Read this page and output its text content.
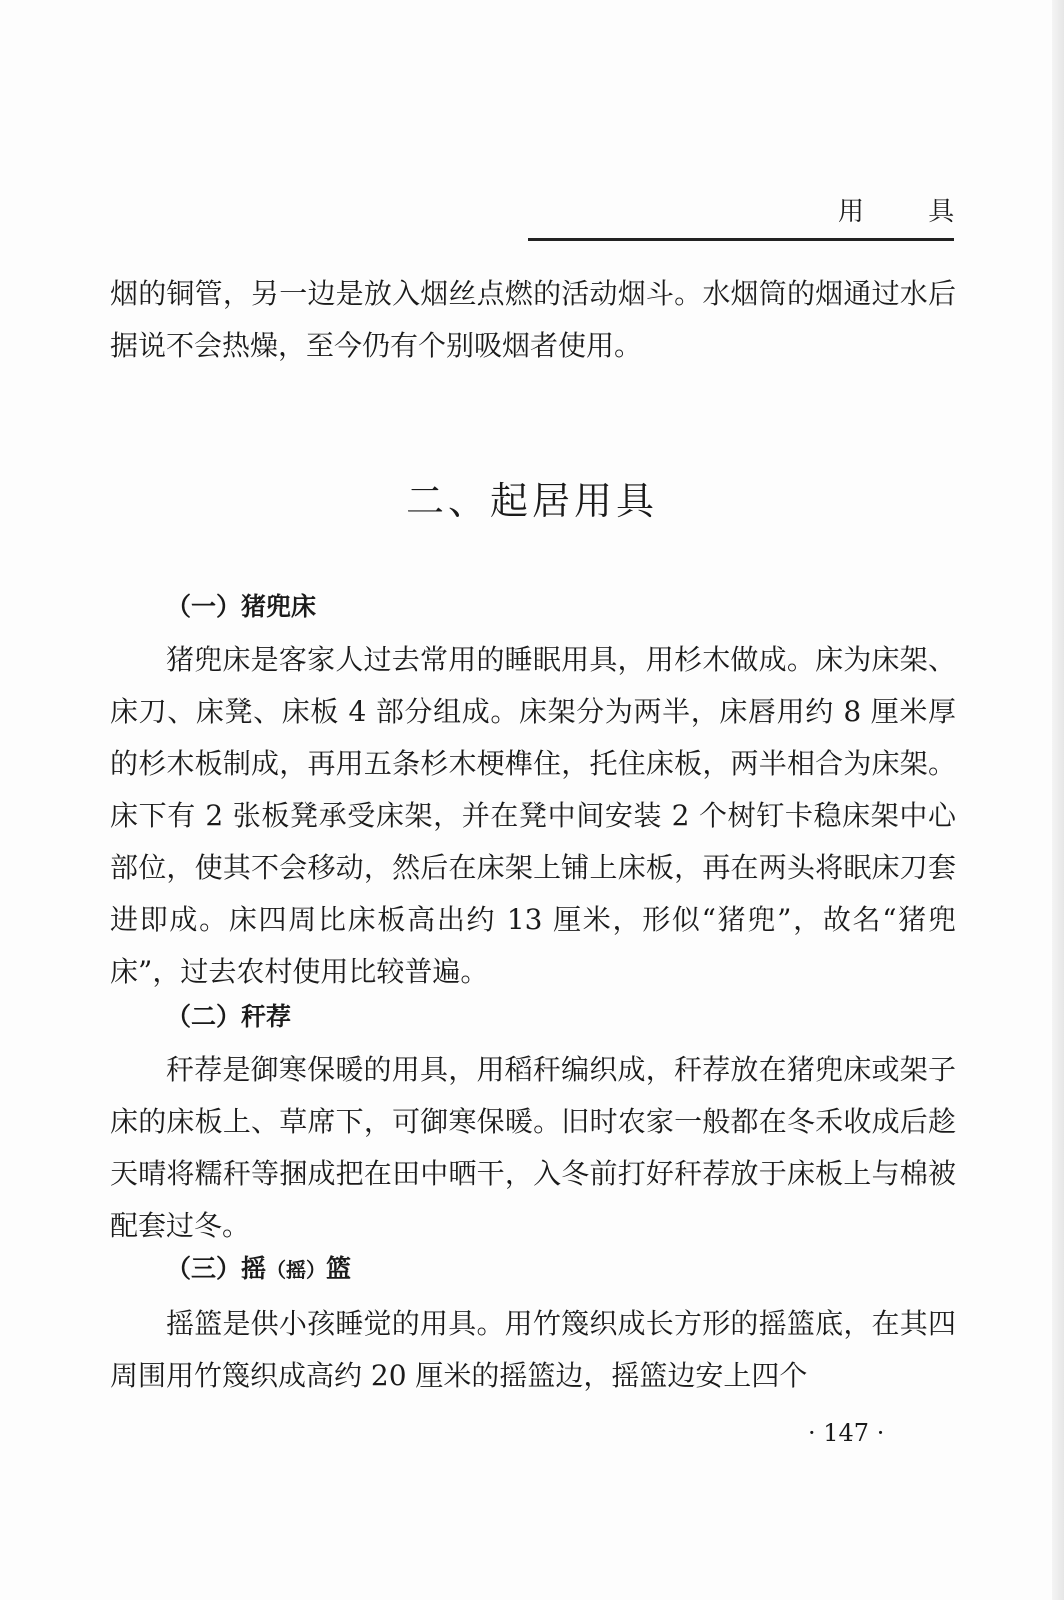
用 具

烟的铜管，另一边是放入烟丝点燃的活动烟斗。水烟筒的烟通过水后据说不会热燥，至今仍有个别吸烟者使用。

二、起居用具
（一）猪兜床

猪兜床是客家人过去常用的睡眠用具，用杉木做成。床为床架、床刀、床凳、床板 4 部分组成。床架分为两半，床唇用约 8 厘米厚的杉木板制成，再用五条杉木梗榫住，托住床板，两半相合为床架。床下有 2 张板凳承受床架，并在凳中间安装 2 个树钉卡稳床架中心部位，使其不会移动，然后在床架上铺上床板，再在两头将眠床刀套进即成。床四周比床板高出约 13 厘米，形似“猪兜”，故名“猪兜床”，过去农村使用比较普遍。

（二）秆荐

秆荐是御寒保暖的用具，用稻秆编织成，秆荐放在猪兜床或架子床的床板上、草席下，可御寒保暖。旧时农家一般都在冬禾收成后趁天晴将糯秆等捆成把在田中晒干，入冬前打好秆荐放于床板上与棉被配套过冬。

（三）摇（摇）篮

摇篮是供小孩睡觉的用具。用竹篾织成长方形的摇篮底，在其四周围用竹篾织成高约 20 厘米的摇篮边，摇篮边安上四个

· 147 ·
